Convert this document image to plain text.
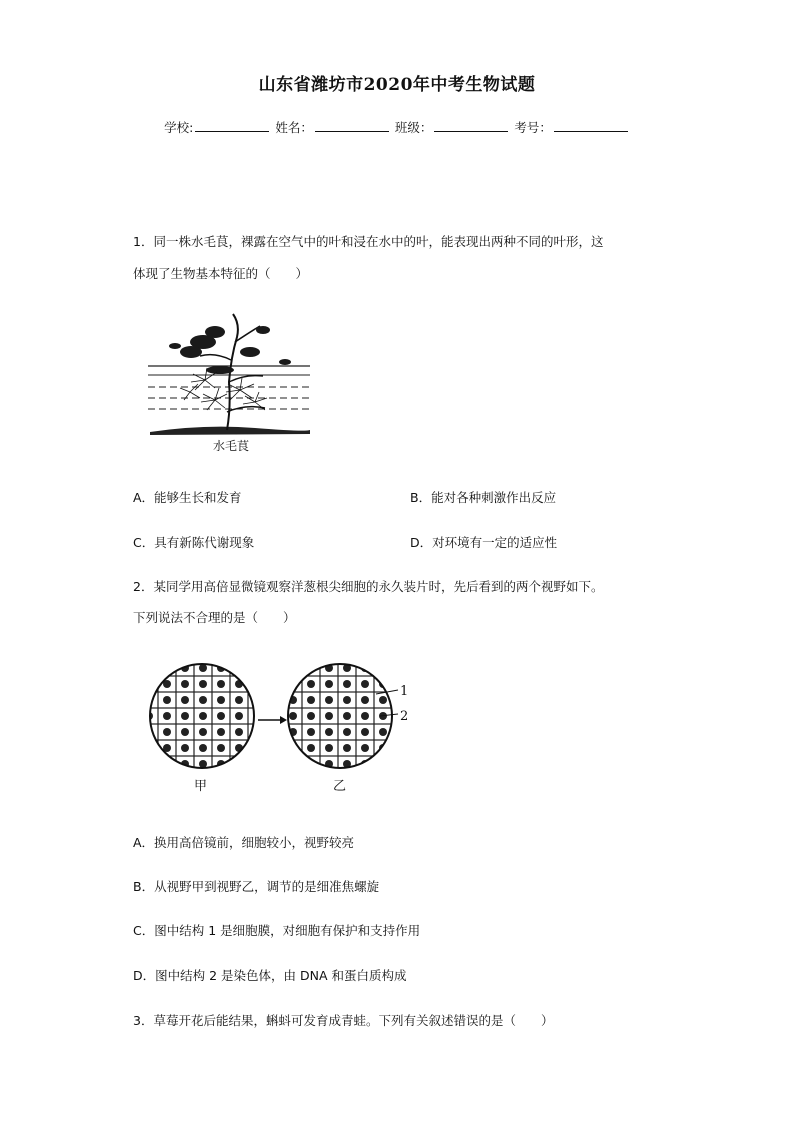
山东省潍坊市2020年中考生物试题
学校:	姓名：	班级：	考号：
1．同一株水毛茛，裸露在空气中的叶和浸在水中的叶，能表现出两种不同的叶形，这
体现了生物基本特征的（　　）
水毛茛
A．能够生长和发育	B．能对各种刺激作出反应
C．具有新陈代谢现象	D．对环境有一定的适应性
2．某同学用高倍显微镜观察洋葱根尖细胞的永久装片时，先后看到的两个视野如下。
下列说法不合理的是（　　）
1
2
甲	乙
A．换用高倍镜前，细胞较小，视野较亮
B．从视野甲到视野乙，调节的是细准焦螺旋
C．图中结构 1 是细胞膜，对细胞有保护和支持作用
D．图中结构 2 是染色体，由 DNA 和蛋白质构成
3．草莓开花后能结果，蝌蚪可发育成青蛙。下列有关叙述错误的是（　　）
